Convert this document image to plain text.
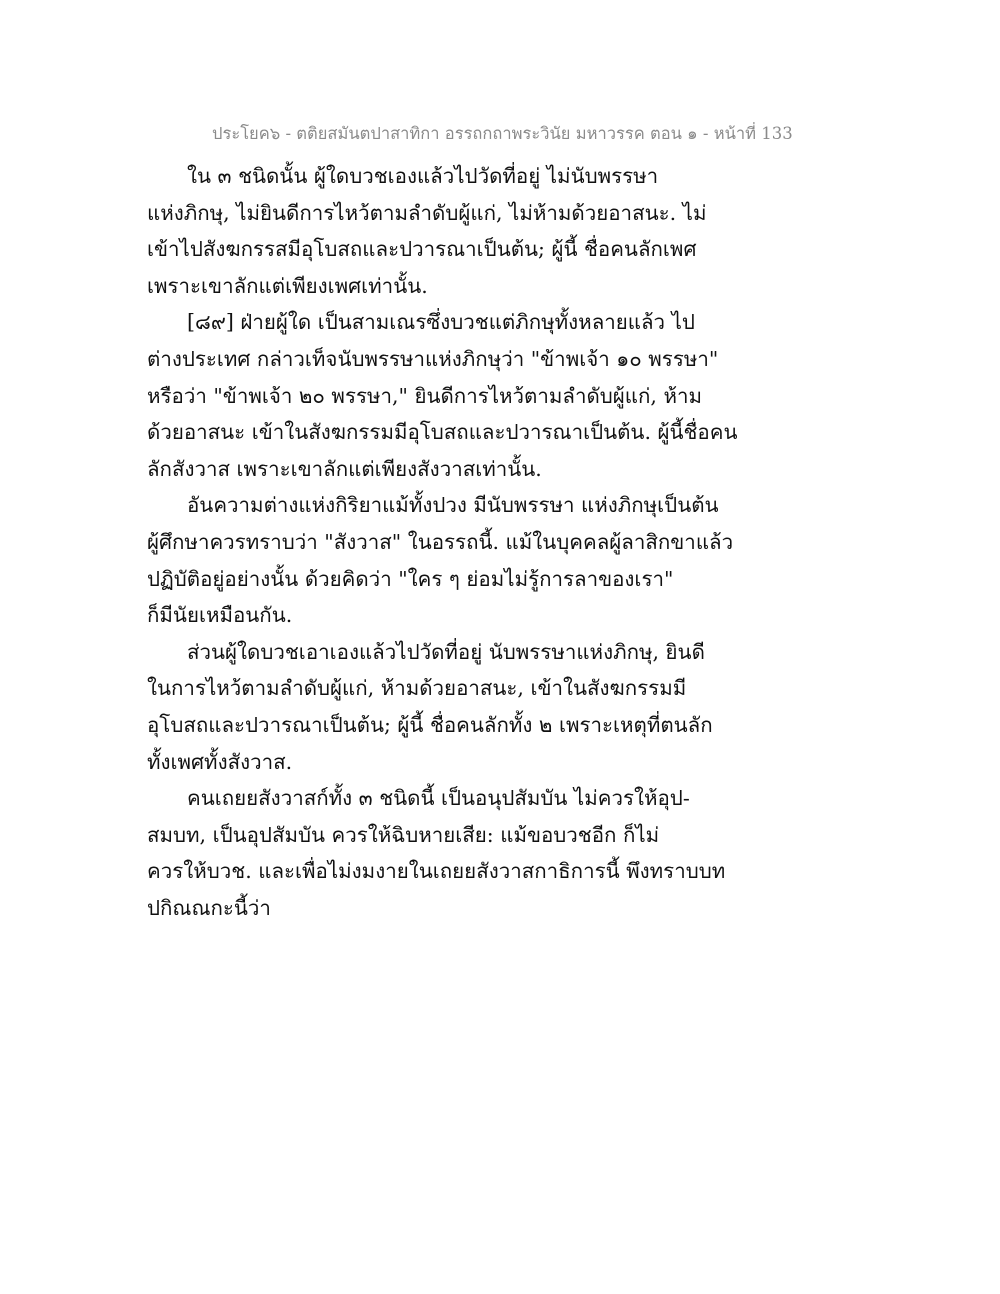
ประโยค๖ - ตติยสมันตปาสาทิกา อรรถกถาพระวินัย มหาวรรค ตอน ๑ - หน้าที่ 133
ใน ๓ ชนิดนั้น ผู้ใดบวชเองแล้วไปวัดที่อยู่ ไม่นับพรรษา
แห่งภิกษุ, ไม่ยินดีการไหว้ตามลำดับผู้แก่, ไม่ห้ามด้วยอาสนะ. ไม่
เข้าไปสังฆกรรสมีอุโบสถและปวารณาเป็นต้น; ผู้นี้ ชื่อคนลักเพศ
เพราะเขาลักแต่เพียงเพศเท่านั้น.
[๘๙] ฝ่ายผู้ใด เป็นสามเณรซึ่งบวชแต่ภิกษุทั้งหลายแล้ว ไป
ต่างประเทศ กล่าวเท็จนับพรรษาแห่งภิกษุว่า "ข้าพเจ้า ๑๐ พรรษา"
หรือว่า "ข้าพเจ้า ๒๐ พรรษา," ยินดีการไหว้ตามลำดับผู้แก่, ห้าม
ด้วยอาสนะ เข้าในสังฆกรรมมีอุโบสถและปวารณาเป็นต้น. ผู้นี้ชื่อคน
ลักสังวาส เพราะเขาลักแต่เพียงสังวาสเท่านั้น.
อันความต่างแห่งกิริยาแม้ทั้งปวง มีนับพรรษา แห่งภิกษุเป็นต้น
ผู้ศึกษาควรทราบว่า "สังวาส" ในอรรถนี้. แม้ในบุคคลผู้ลาสิกขาแล้ว
ปฏิบัติอยู่อย่างนั้น ด้วยคิดว่า "ใคร ๆ ย่อมไม่รู้การลาของเรา"
ก็มีนัยเหมือนกัน.
ส่วนผู้ใดบวชเอาเองแล้วไปวัดที่อยู่ นับพรรษาแห่งภิกษุ, ยินดี
ในการไหว้ตามลำดับผู้แก่, ห้ามด้วยอาสนะ, เข้าในสังฆกรรมมี
อุโบสถและปวารณาเป็นต้น; ผู้นี้ ชื่อคนลักทั้ง ๒ เพราะเหตุที่ตนลัก
ทั้งเพศทั้งสังวาส.
คนเถยยสังวาสก์ทั้ง ๓ ชนิดนี้ เป็นอนุปสัมบัน ไม่ควรให้อุป-
สมบท, เป็นอุปสัมบัน ควรให้ฉิบหายเสีย: แม้ขอบวชอีก ก็ไม่
ควรให้บวช. และเพื่อไม่งมงายในเถยยสังวาสกาธิการนี้ พึงทราบบท
ปกิณณกะนี้ว่า
